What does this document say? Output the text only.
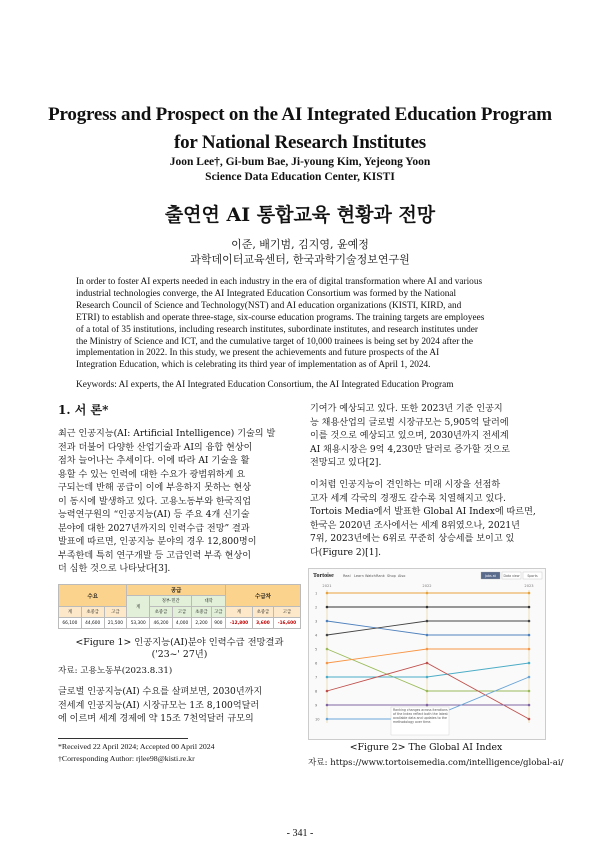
Progress and Prospect on the AI Integrated Education Program
for National Research Institutes
Joon Lee†, Gi-bum Bae, Ji-young Kim, Yejeong Yoon
Science Data Education Center, KISTI
출연연 AI 통합교육 현황과 전망
이준, 배기범, 김지영, 윤예정
과학데이터교육센터, 한국과학기술정보연구원
In order to foster AI experts needed in each industry in the era of digital transformation where AI and various
industrial technologies converge, the AI Integrated Education Consortium was formed by the National
Research Council of Science and Technology(NST) and AI education organizations (KISTI, KIRD, and
ETRI) to establish and operate three-stage, six-course education programs. The training targets are employees
of a total of 35 institutions, including research institutes, subordinate institutes, and research institutes under
the Ministry of Science and ICT, and the cumulative target of 10,000 trainees is being set by 2024 after the
implementation in 2022. In this study, we present the achievements and future prospects of the AI
Integration Education, which is celebrating its third year of implementation as of April 1, 2024.
Keywords: AI experts, the AI Integrated Education Consortium, the AI Integrated Education Program
1. 서 론*
최근 인공지능(AI: Artificial Intelligence) 기술의 발
전과 더불어 다양한 산업기술과 AI의 융합 현상이
점차 늘어나는 추세이다. 이에 따라 AI 기술을 활
용할 수 있는 인력에 대한 수요가 광범위하게 요
구되는데 반해 공급이 이에 부응하지 못하는 현상
이 동시에 발생하고 있다. 고용노동부와 한국직업
능력연구원의 “인공지능(AI) 등 주요 4개 신기술
분야에 대한 2027년까지의 인력수급 전망” 결과
발표에 따르면, 인공지능 분야의 경우 12,800명이
부족한데 특히 연구개발 등 고급인력 부족 현상이
더 심한 것으로 나타났다[3].
수요			공급					수급차		
			계	정부·민간		대학				
계	초중급	고급		초중급	고급	초중급	고급	계	초중급	고급
66,100	44,600	21,500	53,300	46,200	4,000	2,200	900	-12,800	3,600	-16,600
<Figure 1> 인공지능(AI)분야 인력수급 전망결과
('23~' 27년)
자료: 고용노동부(2023.8.31)
글로벌 인공지능(AI) 수요를 살펴보면, 2030년까지
전세계 인공지능(AI) 시장규모는 1조 8,100억달러
에 이르며 세계 경제에 약 15조 7천억달러 규모의
*Received 22 April 2024; Accepted 00 April 2024
†Corresponding Author: rjlee98@kisti.re.kr
기여가 예상되고 있다. 또한 2023년 기준 인공지
능 채용산업의 글로벌 시장규모는 5,905억 달러에
이를 것으로 예상되고 있으며, 2030년까지 전세계
AI 채용시장은 9억 4,230만 달러로 증가할 것으로
전망되고 있다[2].
이처럼 인공지능이 견인하는 미래 시장을 선점하
고자 세계 각국의 경쟁도 갈수록 치열해지고 있다.
Tortois Media에서 발표한 Global AI Index에 따르면,
한국은 2020년 조사에서는 세계 8위였으나, 2021년
7위, 2023년에는 6위로 꾸준히 상승세를 보이고 있
다(Figure 2)[1].
Tortoise	Real Learn Watch Rank Shop Also	Jobs at Data view Sports
2021	2022	2023
1
2
3
4
5
6
7
8
9
10
Ranking changes across iterations of the Index reflect both the latest available data and updates to the methodology over time.
<Figure 2> The Global AI Index
자료: https://www.tortoisemedia.com/intelligence/global-ai/
- 341 -
